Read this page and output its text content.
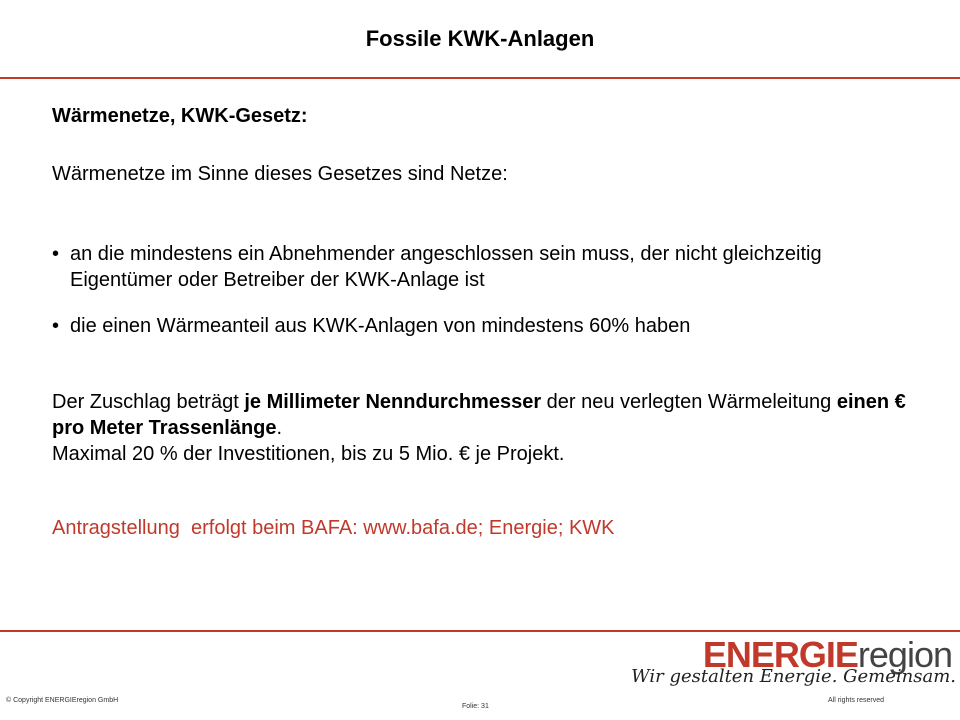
Fossile KWK-Anlagen
Wärmenetze, KWK-Gesetz:
Wärmenetze im Sinne dieses Gesetzes sind Netze:
• an die mindestens ein Abnehmender angeschlossen sein muss, der nicht gleichzeitig Eigentümer oder Betreiber der KWK-Anlage ist
• die einen Wärmeanteil aus KWK-Anlagen von mindestens 60% haben
Der Zuschlag beträgt je Millimeter Nenndurchmesser der neu verlegten Wärmeleitung einen € pro Meter Trassenlänge.
Maximal 20 % der Investitionen, bis zu 5 Mio. € je Projekt.
Antragstellung  erfolgt beim BAFA: www.bafa.de; Energie; KWK
ENERGIEregion
Wir gestalten Energie. Gemeinsam.
© Copyright ENERGIEregion GmbH
Folie: 31
All rights reserved
